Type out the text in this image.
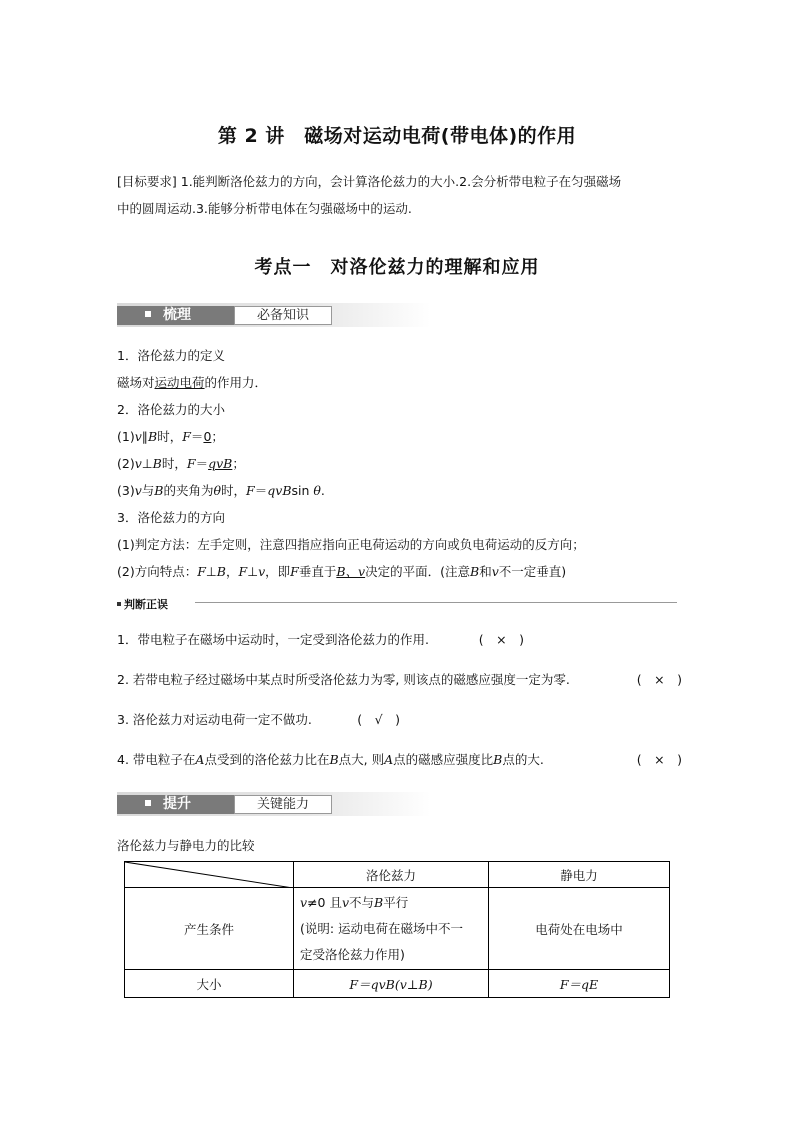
第 2 讲　磁场对运动电荷(带电体)的作用
[目标要求] 1.能判断洛伦兹力的方向，会计算洛伦兹力的大小.2.会分析带电粒子在匀强磁场
中的圆周运动.3.能够分析带电体在匀强磁场中的运动.
考点一　对洛伦兹力的理解和应用
梳理	必备知识
1．洛伦兹力的定义
磁场对运动电荷的作用力．
2．洛伦兹力的大小
(1)v∥B时，F＝0；
(2)v⊥B时，F＝qvB；
(3)v与B的夹角为θ时，F＝qvBsin θ.
3．洛伦兹力的方向
(1)判定方法：左手定则，注意四指应指向正电荷运动的方向或负电荷运动的反方向；
(2)方向特点：F⊥B，F⊥v，即F垂直于B、v决定的平面．(注意B和v不一定垂直)
判断正误
1．带电粒子在磁场中运动时，一定受到洛伦兹力的作用.	(　×　)
2. 若带电粒子经过磁场中某点时所受洛伦兹力为零, 则该点的磁感应强度一定为零.	(　×　)
3. 洛伦兹力对运动电荷一定不做功.	(　√　)
4. 带电粒子在A点受到的洛伦兹力比在B点大, 则A点的磁感应强度比B点的大.	(　×　)
提升	关键能力
洛伦兹力与静电力的比较
	洛伦兹力	静电力
产生条件	v≠0 且v不与B平行
(说明: 运动电荷在磁场中不一
定受洛伦兹力作用)	电荷处在电场中
大小	F＝qvB(v⊥B)	F＝qE
